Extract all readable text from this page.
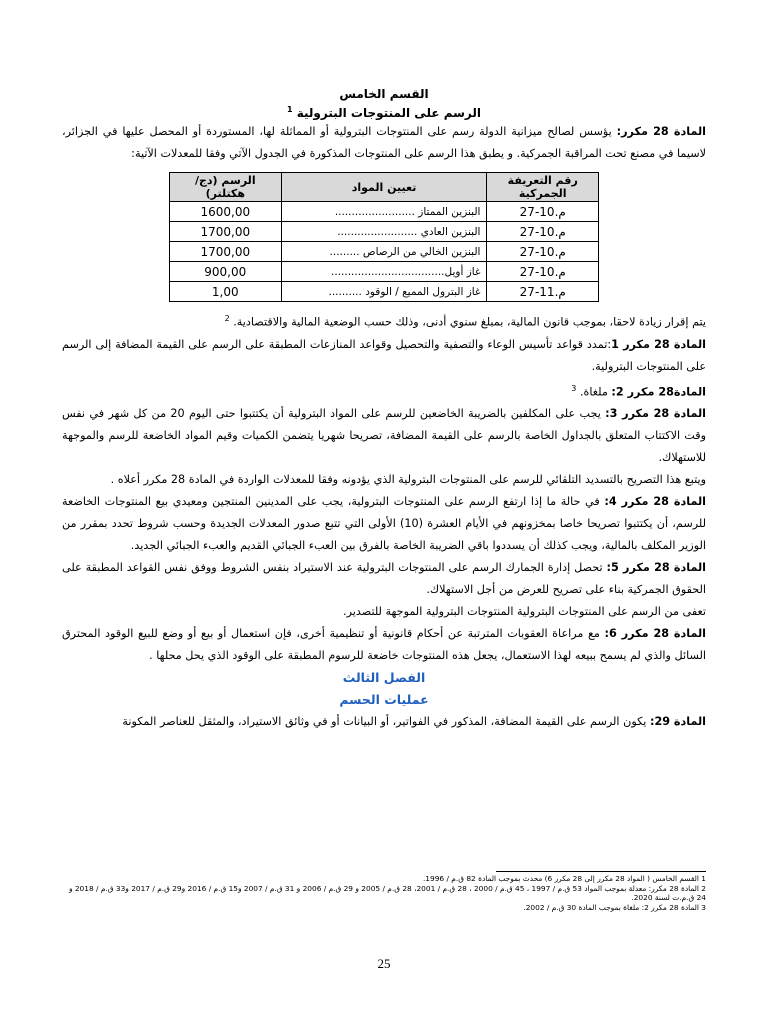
القسم الخامس
الرسم على المنتوجات البترولية $^1$

المادة 28 مكرر: يؤسس لصالح ميزانية الدولة رسم على المنتوجات البترولية أو المماثلة لها، المستوردة أو المحصل عليها في الجزائر، لاسيما في مصنع تحت المراقبة الجمركية. و يطبق هذا الرسم على المنتوجات المذكورة في الجدول الآتي وفقا للمعدلات الآتية:

رقم التعريفة الجمركية	تعيين المواد	الرسم (دج/هكتلتر)
م.10-27	البنزين الممتاز ........................	1600,00
م.10-27	البنزين العادي ........................	1700,00
م.10-27	البنزين الخالي من الرصاص .........	1700,00
م.10-27	غاز أويل..................................	900,00
م.11-27	غاز البترول المميع / الوقود ..........	1,00

يتم إقرار زيادة لاحقا، بموجب قانون المالية، بمبلغ سنوي أدنى، وذلك حسب الوضعية المالية والاقتصادية. $^2$

المادة 28 مكرر 1:تمدد قواعد تأسيس الوعاء والتصفية والتحصيل وقواعد المنازعات المطبقة على الرسم على القيمة المضافة إلى الرسم على المنتوجات البترولية.

المادة28 مكرر 2: ملغاة. $^3$

المادة 28 مكرر 3: يجب على المكلفين بالضريبة الخاضعين للرسم على المواد البترولية أن يكتتبوا حتى اليوم 20 من كل شهر في نفس وقت الاكتتاب المتعلق بالجداول الخاصة بالرسم على القيمة المضافة، تصريحا شهريا يتضمن الكميات وقيم المواد الخاضعة للرسم والموجهة للاستهلاك.

ويتبع هذا التصريح بالتسديد التلقائي للرسم على المنتوجات البترولية الذي يؤدونه وفقا للمعدلات الواردة في المادة 28 مكرر أعلاه .

المادة 28 مكرر 4: في حالة ما إذا ارتفع الرسم على المنتوجات البترولية، يجب على المدينين المنتجين ومعيدي بيع المنتوجات الخاضعة للرسم، أن يكتتبوا تصريحا خاصا بمخزونهم في الأيام العشرة (10) الأولى التي تتبع صدور المعدلات الجديدة وحسب شروط تحدد بمقرر من الوزير المكلف بالمالية، ويجب كذلك أن يسددوا باقي الضريبة الخاصة بالفرق بين العبء الجبائي القديم والعبء الجبائي الجديد.

المادة 28 مكرر 5: تحصل إدارة الجمارك الرسم على المنتوجات البترولية عند الاستيراد بنفس الشروط ووفق نفس القواعد المطبقة على الحقوق الجمركية بناء على تصريح للعرض من أجل الاستهلاك.

تعفى من الرسم على المنتوجات البترولية المنتوجات البترولية الموجهة للتصدير.

المادة 28 مكرر 6: مع مراعاة العقوبات المترتبة عن أحكام قانونية أو تنظيمية أخرى، فإن استعمال أو بيع أو وضع للبيع الوقود المحترق السائل والذي لم يسمح ببيعه لهذا الاستعمال، يجعل هذه المنتوجات خاضعة للرسوم المطبقة على الوقود الذي يحل محلها .

الفصل الثالث
عمليات الحسم

المادة 29: يكون الرسم على القيمة المضافة، المذكور في الفواتير، أو البيانات أو في وثائق الاستيراد، والمثقل للعناصر المكونة

1 القسم الخامس ( المواد 28 مكرر إلى 28 مكرر 6) محدث بموجب المادة 82 ق.م / 1996.
2 المادة 28 مكرر: معدلة بموجب المواد 53 ق.م / 1997 ، 45 ق.م / 2000 ، 28 ق.م / 2001، 28 ق.م / 2005 و 29 ق.م / 2006 و 31 ق.م / 2007 و15 ق.م / 2016 و29 ق.م / 2017 و33 ق.م / 2018 و 24 ق.م.ت لسنة 2020.
3 المادة 28 مكرر 2: ملغاة بموجب المادة 30 ق.م / 2002.
25
